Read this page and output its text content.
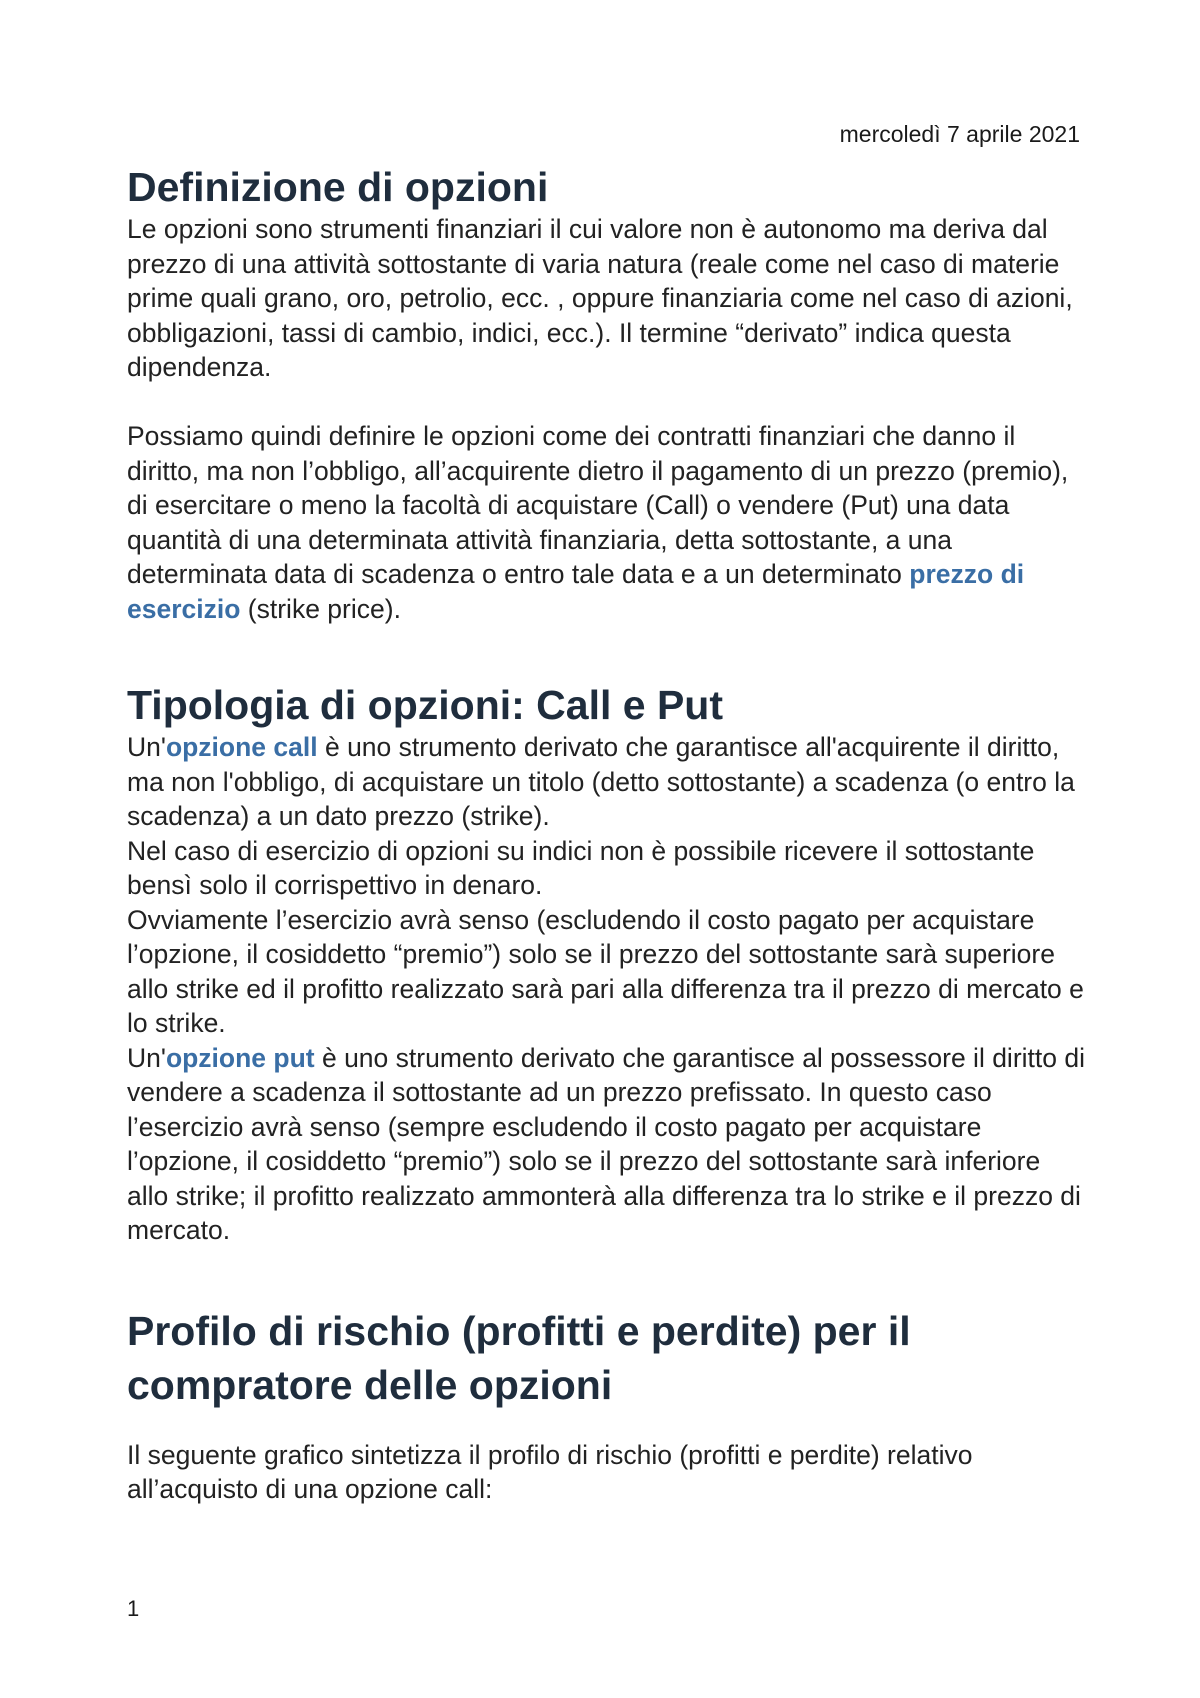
mercoledì 7 aprile 2021
Definizione di opzioni

Le opzioni sono strumenti finanziari il cui valore non è autonomo ma deriva dal prezzo di una attività sottostante di varia natura (reale come nel caso di materie prime quali grano, oro, petrolio, ecc. , oppure finanziaria come nel caso di azioni, obbligazioni, tassi di cambio, indici, ecc.). Il termine “derivato” indica questa dipendenza.

Possiamo quindi definire le opzioni come dei contratti finanziari che danno il diritto, ma non l’obbligo, all’acquirente dietro il pagamento di un prezzo (premio), di esercitare o meno la facoltà di acquistare (Call) o vendere (Put) una data quantità di una determinata attività finanziaria, detta sottostante, a una determinata data di scadenza o entro tale data e a un determinato prezzo di esercizio (strike price).

Tipologia di opzioni: Call e Put

Un'opzione call è uno strumento derivato che garantisce all'acquirente il diritto, ma non l'obbligo, di acquistare un titolo (detto sottostante) a scadenza (o entro la scadenza) a un dato prezzo (strike).

Nel caso di esercizio di opzioni su indici non è possibile ricevere il sottostante bensì solo il corrispettivo in denaro.

Ovviamente l’esercizio avrà senso (escludendo il costo pagato per acquistare l’opzione, il cosiddetto “premio”) solo se il prezzo del sottostante sarà superiore allo strike ed il profitto realizzato sarà pari alla differenza tra il prezzo di mercato e lo strike.

Un'opzione put è uno strumento derivato che garantisce al possessore il diritto di vendere a scadenza il sottostante ad un prezzo prefissato. In questo caso l’esercizio avrà senso (sempre escludendo il costo pagato per acquistare l’opzione, il cosiddetto “premio”) solo se il prezzo del sottostante sarà inferiore allo strike; il profitto realizzato ammonterà alla differenza tra lo strike e il prezzo di mercato.

Profilo di rischio (profitti e perdite) per il compratore delle opzioni

Il seguente grafico sintetizza il profilo di rischio (profitti e perdite) relativo all’acquisto di una opzione call:

1
